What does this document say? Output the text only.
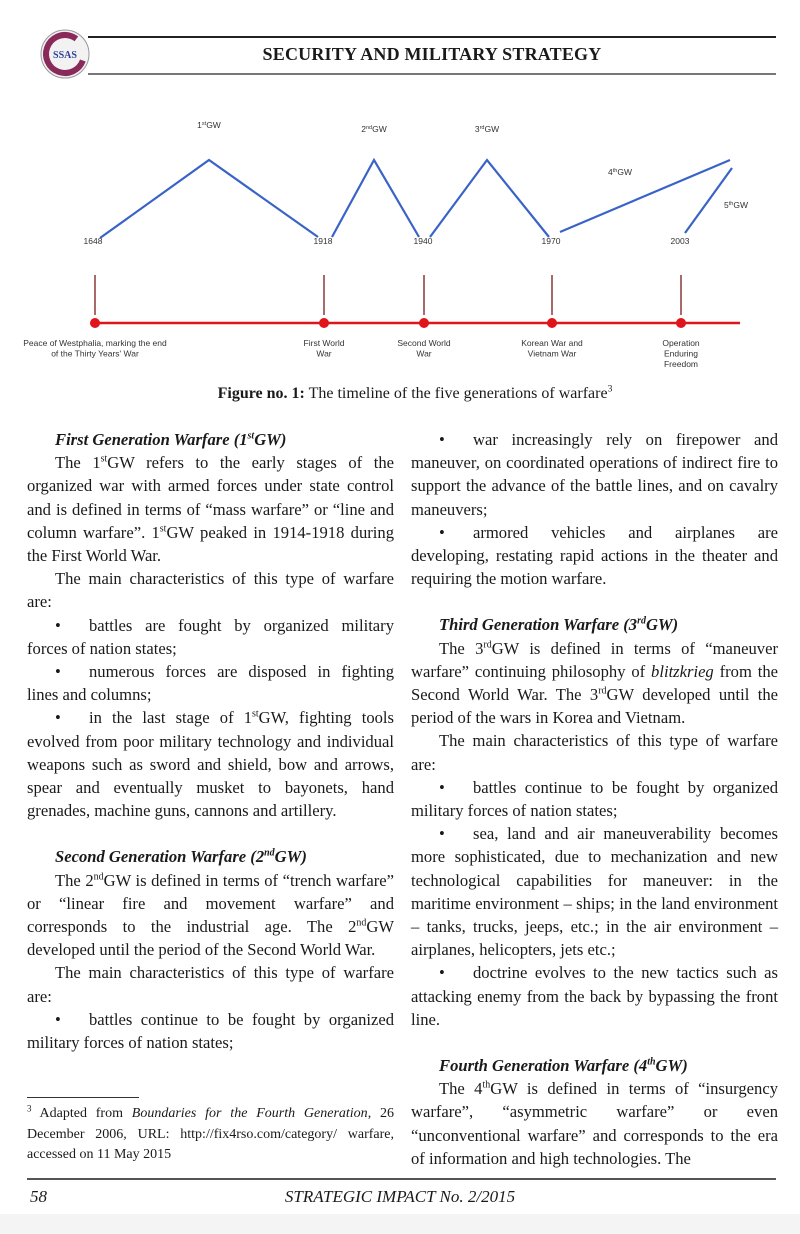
SSAS	SECURITY AND MILITARY STRATEGY
1stGW	2ndGW	3rdGW
4thGW
5thGW
1648	1918	1940	1970	2003
Peace of Westphalia, marking the end of the Thirty Years' War
First World War
Second World War
Korean War and Vietnam War
Operation Enduring Freedom
Figure no. 1: The timeline of the five generations of warfare$^3$

First Generation Warfare (1stGW)

The 1stGW refers to the early stages of the organized war with armed forces under state control and is defined in terms of “mass warfare” or “line and column warfare”. 1stGW peaked in 1914-1918 during the First World War.

The main characteristics of this type of warfare are:

• battles are fought by organized military forces of nation states;

• numerous forces are disposed in fighting lines and columns;

• in the last stage of 1stGW, fighting tools evolved from poor military technology and individual weapons such as sword and shield, bow and arrows, spear and eventually musket to bayonets, hand grenades, machine guns, cannons and artillery.

Second Generation Warfare (2ndGW)

The 2ndGW is defined in terms of “trench warfare” or “linear fire and movement warfare” and corresponds to the industrial age. The 2ndGW developed until the period of the Second World War.

The main characteristics of this type of warfare are:

• battles continue to be fought by organized military forces of nation states;

• war increasingly rely on firepower and maneuver, on coordinated operations of indirect fire to support the advance of the battle lines, and on cavalry maneuvers;

• armored vehicles and airplanes are developing, restating rapid actions in the theater and requiring the motion warfare.

Third Generation Warfare (3rdGW)

The 3rdGW is defined in terms of “maneuver warfare” continuing philosophy of blitzkrieg from the Second World War. The 3rdGW developed until the period of the wars in Korea and Vietnam.

The main characteristics of this type of warfare are:

• battles continue to be fought by organized military forces of nation states;

• sea, land and air maneuverability becomes more sophisticated, due to mechanization and new technological capabilities for maneuver: in the maritime environment – ships; in the land environment – tanks, trucks, jeeps, etc.; in the air environment – airplanes, helicopters, jets etc.;

• doctrine evolves to the new tactics such as attacking enemy from the back by bypassing the front line.

Fourth Generation Warfare (4thGW)

The 4thGW is defined in terms of “insurgency warfare”, “asymmetric warfare” or even “unconventional warfare” and corresponds to the era of information and high technologies. The

$^3$ Adapted from Boundaries for the Fourth Generation, 26 December 2006, URL: http://fix4rso.com/category/ warfare, accessed on 11 May 2015
58	STRATEGIC IMPACT No. 2/2015
